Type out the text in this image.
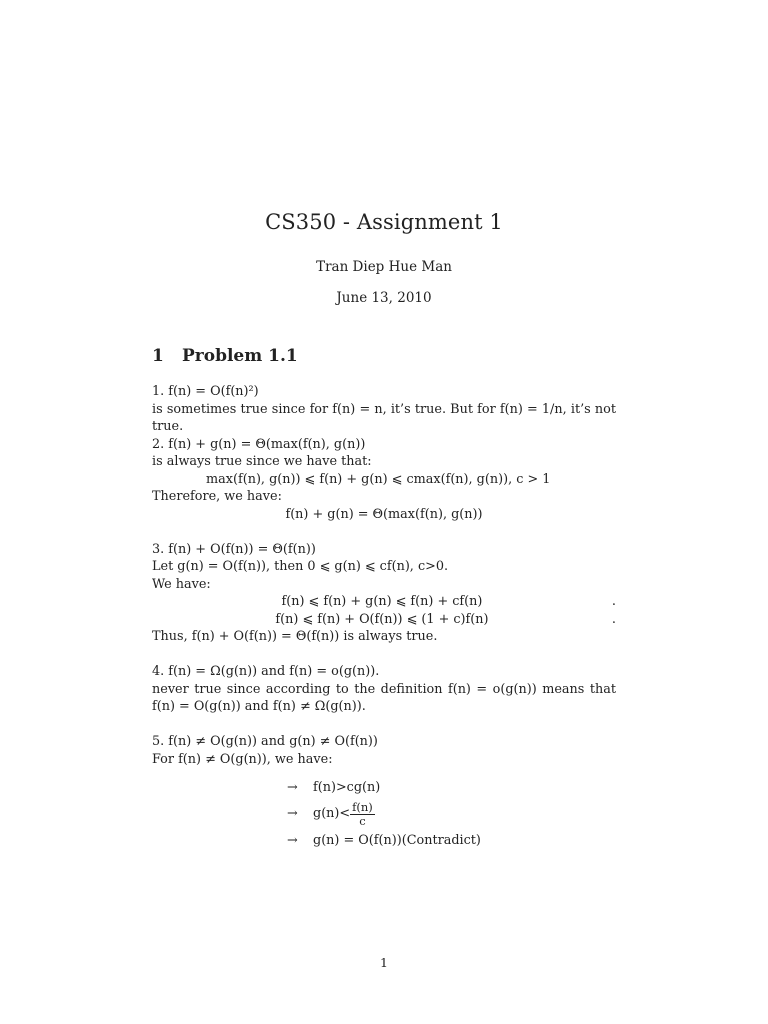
CS350 - Assignment 1
Tran Diep Hue Man
June 13, 2010
1 Problem 1.1
1. f(n) = O(f(n)²)
is sometimes true since for f(n) = n, it’s true. But for f(n) = 1/n, it’s not
true.
2. f(n) + g(n) = Θ(max(f(n), g(n))
is always true since we have that:
max(f(n), g(n)) ⩽ f(n) + g(n) ⩽ cmax(f(n), g(n)), c > 1
Therefore, we have:
f(n) + g(n) = Θ(max(f(n), g(n))
3. f(n) + O(f(n)) = Θ(f(n))
Let g(n) = O(f(n)), then 0 ⩽ g(n) ⩽ cf(n), c>0.
We have:
f(n) ⩽ f(n) + g(n) ⩽ f(n) + cf(n)	.
f(n) ⩽ f(n) + O(f(n)) ⩽ (1 + c)f(n)	.
Thus, f(n) + O(f(n)) = Θ(f(n)) is always true.
4. f(n) = Ω(g(n)) and f(n) = o(g(n)).
never true since according to the definition f(n) = o(g(n)) means that
f(n) = O(g(n)) and f(n) ≠ Ω(g(n)).
5. f(n) ≠ O(g(n)) and g(n) ≠ O(f(n))
For f(n) ≠ O(g(n)), we have:
→	f(n)>cg(n)
→	$g(n)< \frac{f(n)}{c}$
→	g(n) = O(f(n))(Contradict)
1
